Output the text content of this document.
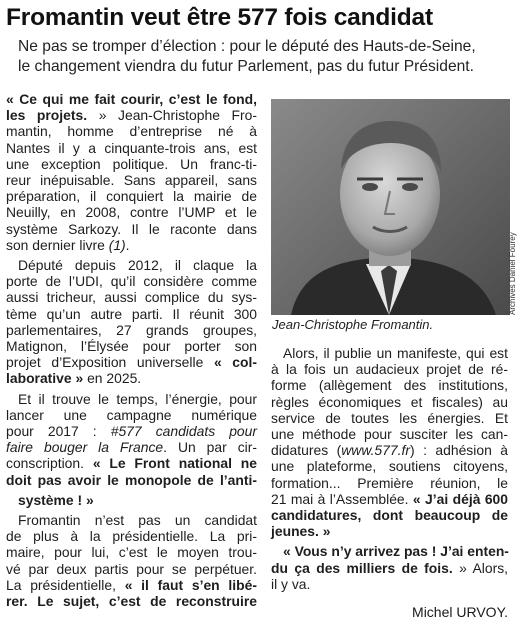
Fromantin veut être 577 fois candidat
Ne pas se tromper d’élection : pour le député des Hauts-de-Seine,
le changement viendra du futur Parlement, pas du futur Président.
« Ce qui me fait courir, c’est le fond,
les projets. » Jean-Christophe Fro-
mantin, homme d’entreprise né à
Nantes il y a cinquante-trois ans, est
une exception politique. Un franc-ti-
reur inépuisable. Sans appareil, sans
préparation, il conquiert la mairie de
Neuilly, en 2008, contre l’UMP et le
système Sarkozy. Il le raconte dans
son dernier livre (1).
Député depuis 2012, il claque la
porte de l’UDI, qu’il considère comme
aussi tricheur, aussi complice du sys-
tème qu’un autre parti. Il réunit 300
parlementaires, 27 grands groupes,
Matignon, l’Élysée pour porter son
projet d’Exposition universelle « col-
laborative » en 2025.
Et il trouve le temps, l’énergie, pour
lancer une campagne numérique
pour 2017 : #577 candidats pour
faire bouger la France. Un par cir-
conscription. « Le Front national ne
doit pas avoir le monopole de l’anti-
système ! »
Fromantin n’est pas un candidat
de plus à la présidentielle. La pri-
maire, pour lui, c’est le moyen trou-
vé par deux partis pour se perpétuer.
La présidentielle, « il faut s’en libé-
rer. Le sujet, c’est de reconstruire
Archives Daniel Fourey
Jean-Christophe Fromantin.
Alors, il publie un manifeste, qui est
à la fois un audacieux projet de ré-
forme (allègement des institutions,
règles économiques et fiscales) au
service de toutes les énergies. Et
une méthode pour susciter les can-
didatures (www.577.fr) : adhésion à
une plateforme, soutiens citoyens,
formation... Première réunion, le
21 mai à l’Assemblée. « J’ai déjà 600
candidatures, dont beaucoup de
jeunes. »
« Vous n’y arrivez pas ! J’ai enten-
du ça des milliers de fois. » Alors,
il y va.
Michel URVOY.
